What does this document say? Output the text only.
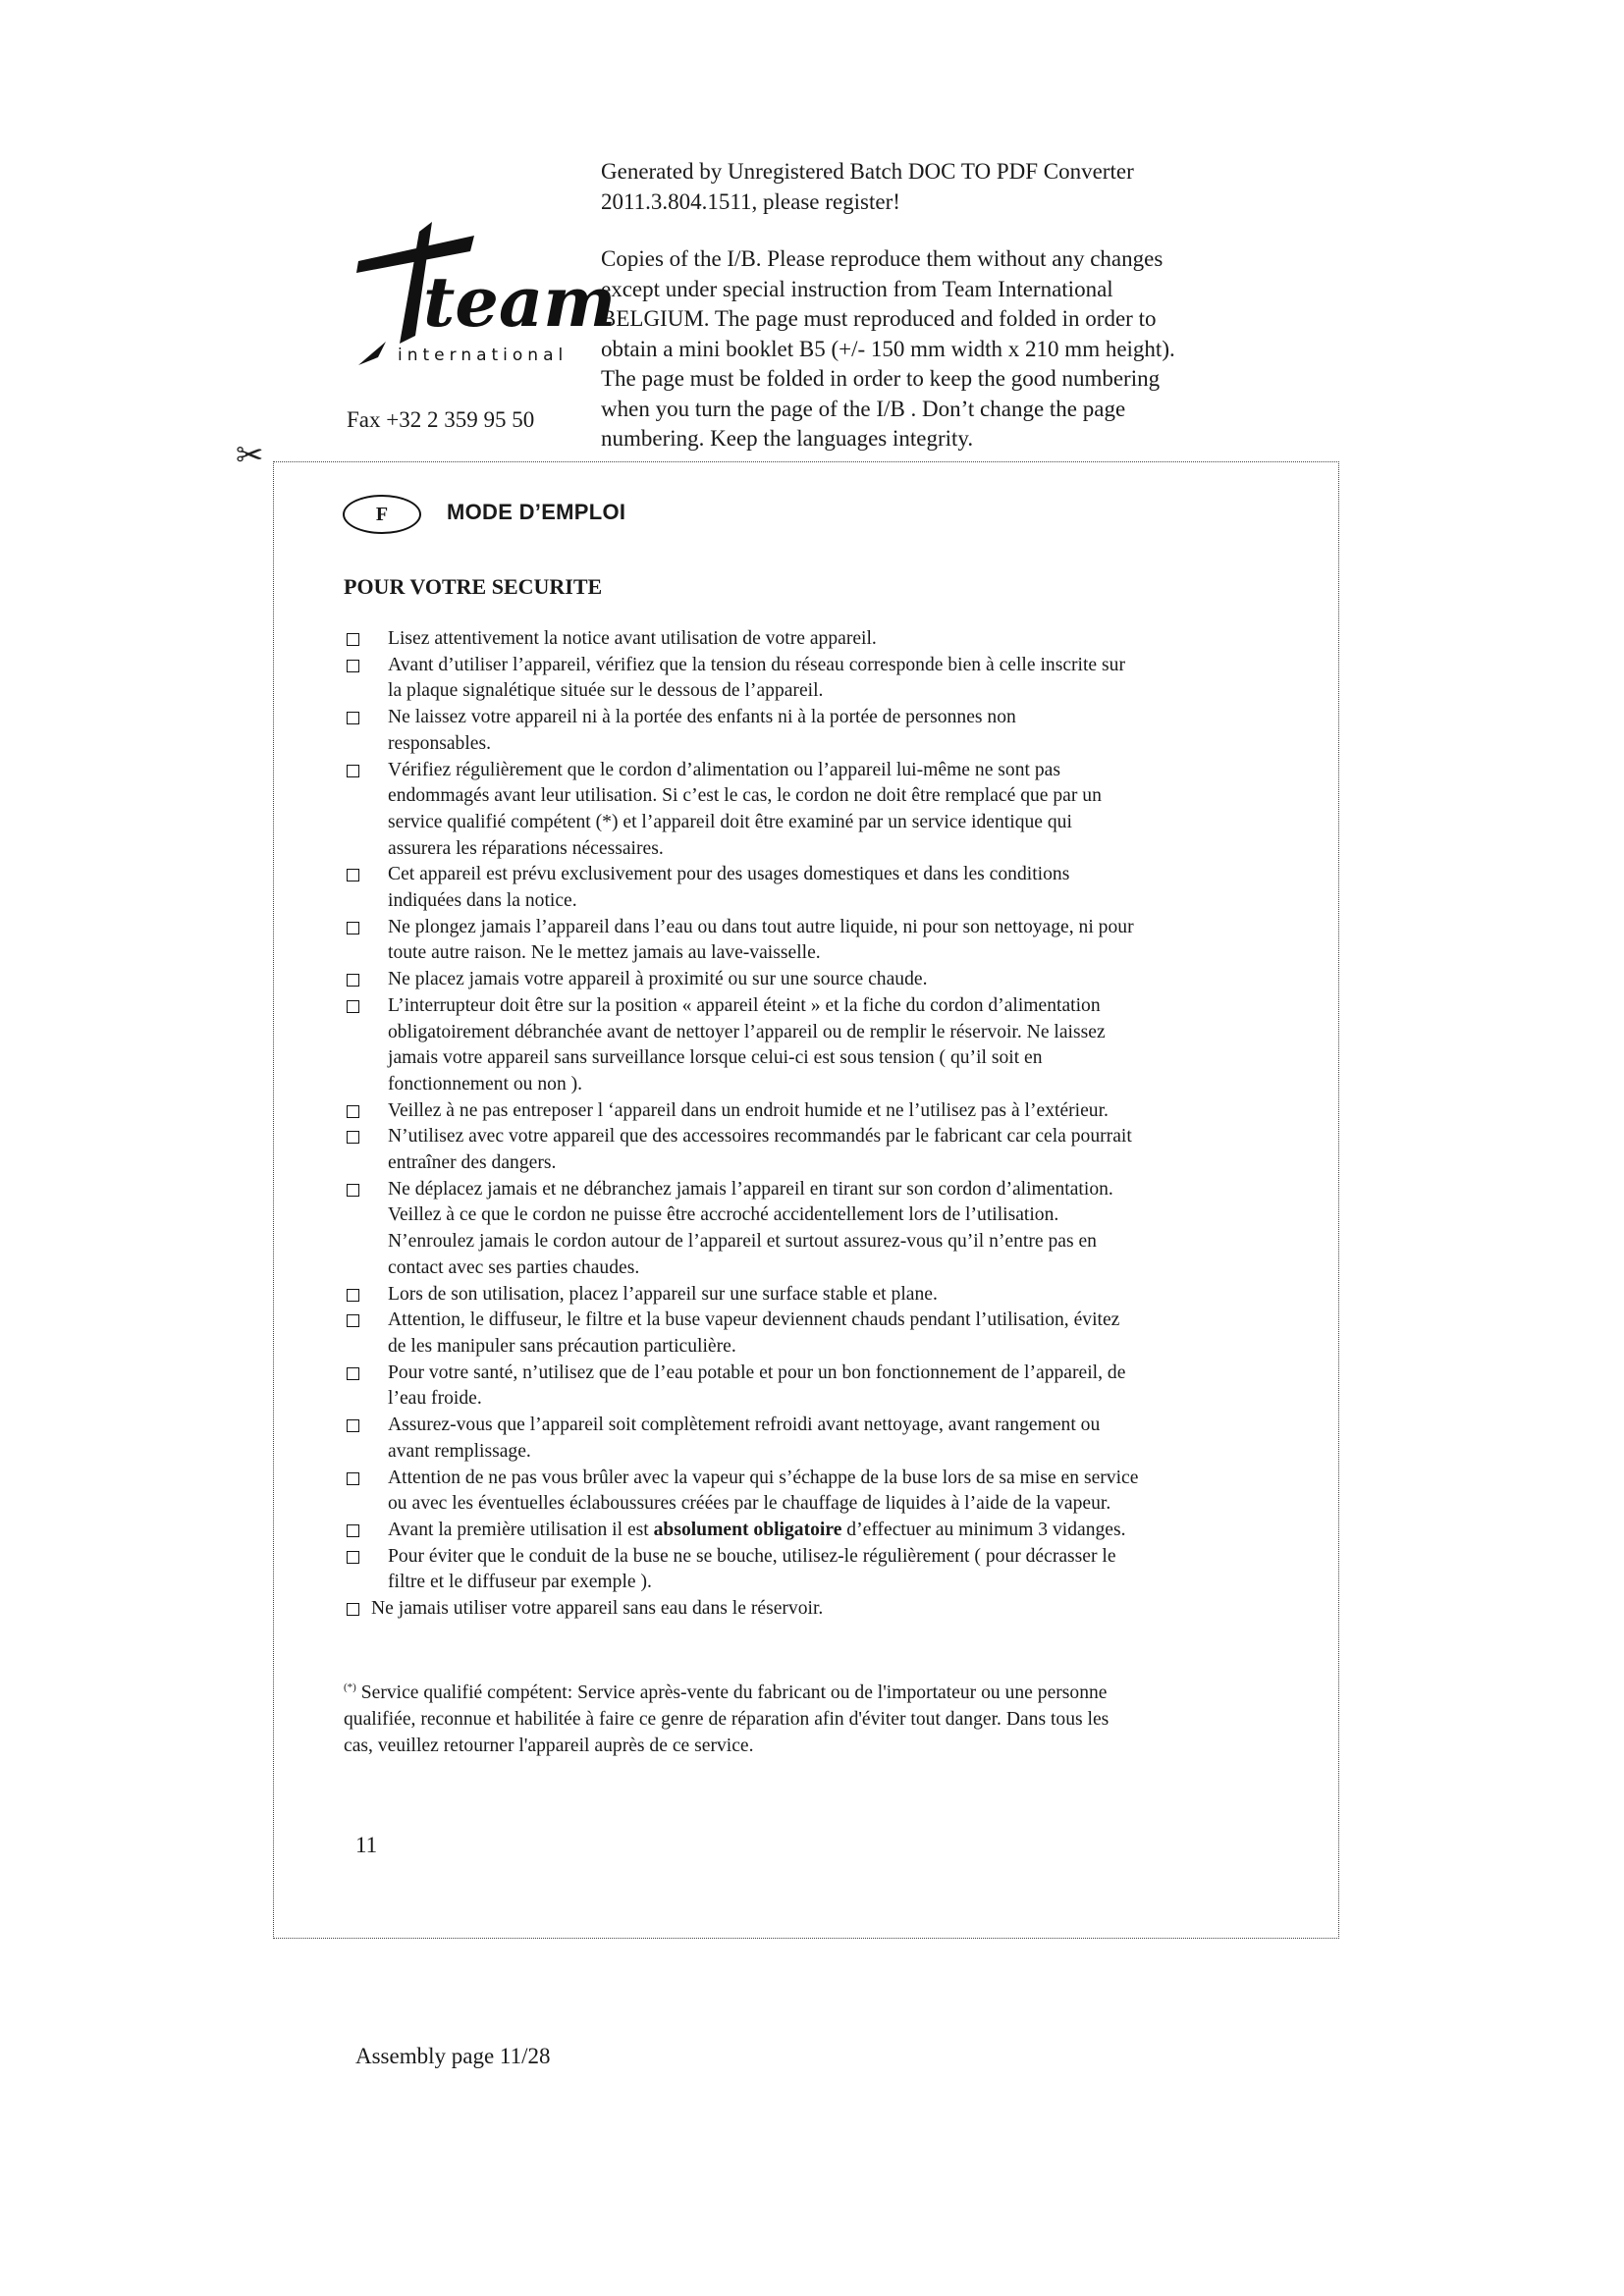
Generated by Unregistered Batch DOC TO PDF Converter
2011.3.804.1511, please register!

Copies of the I/B. Please reproduce them without any changes
except under special instruction from Team International
BELGIUM. The page must reproduced and folded in order to
obtain a mini booklet B5 (+/- 150 mm width x 210 mm height).
The page must be folded in order to keep the good numbering
when you turn the page of the I/B . Don’t change the page
numbering. Keep the languages integrity.

team
international
Fax +32 2 359 95 50
✂
F	MODE D’EMPLOI
POUR VOTRE SECURITE
Lisez attentivement la notice avant utilisation de votre appareil.
Avant d’utiliser l’appareil, vérifiez que la tension du réseau corresponde bien à celle inscrite sur
la plaque signalétique située sur le dessous de l’appareil.
Ne laissez votre appareil ni à la portée des enfants ni à la portée de personnes non
responsables.
Vérifiez régulièrement que le cordon d’alimentation ou l’appareil lui-même ne sont pas
endommagés avant leur utilisation. Si c’est le cas, le cordon ne doit être remplacé que par un
service qualifié compétent (*) et l’appareil doit être examiné par un service identique qui
assurera les réparations nécessaires.
Cet appareil est prévu exclusivement pour des usages domestiques et dans les conditions
indiquées dans la notice.
Ne plongez jamais l’appareil dans l’eau ou dans tout autre liquide, ni pour son nettoyage, ni pour
toute autre raison. Ne le mettez jamais au lave-vaisselle.
Ne placez jamais votre appareil à proximité ou sur une source chaude.
L’interrupteur doit être sur la position « appareil éteint » et la fiche du cordon d’alimentation
obligatoirement débranchée avant de nettoyer l’appareil ou de remplir le réservoir. Ne laissez
jamais votre appareil sans surveillance lorsque celui-ci est sous tension ( qu’il soit en
fonctionnement ou non ).
Veillez à ne pas entreposer l ‘appareil dans un endroit humide et ne l’utilisez pas à l’extérieur.
N’utilisez avec votre appareil que des accessoires recommandés par le fabricant car cela pourrait
entraîner des dangers.
Ne déplacez jamais et ne débranchez jamais l’appareil en tirant sur son cordon d’alimentation.
Veillez à ce que le cordon ne puisse être accroché accidentellement lors de l’utilisation.
N’enroulez jamais le cordon autour de l’appareil et surtout assurez-vous qu’il n’entre pas en
contact avec ses parties chaudes.
Lors de son utilisation, placez l’appareil sur une surface stable et plane.
Attention, le diffuseur, le filtre et la buse vapeur deviennent chauds pendant l’utilisation, évitez
de les manipuler sans précaution particulière.
Pour votre santé, n’utilisez que de l’eau potable et pour un bon fonctionnement de l’appareil, de
l’eau froide.
Assurez-vous que l’appareil soit complètement refroidi avant nettoyage, avant rangement ou
avant remplissage.
Attention de ne pas vous brûler avec la vapeur qui s’échappe de la buse lors de sa mise en service
ou avec les éventuelles éclaboussures créées par le chauffage de liquides à l’aide de la vapeur.
Avant la première utilisation il est absolument obligatoire d’effectuer au minimum 3 vidanges.
Pour éviter que le conduit de la buse ne se bouche, utilisez-le régulièrement ( pour décrasser le
filtre et le diffuseur par exemple ).
Ne jamais utiliser votre appareil sans eau dans le réservoir.
(*) Service qualifié compétent: Service après-vente du fabricant ou de l'importateur ou une personne
qualifiée, reconnue et habilitée à faire ce genre de réparation afin d'éviter tout danger. Dans tous les
cas, veuillez retourner l'appareil auprès de ce service.
11
Assembly page 11/28
